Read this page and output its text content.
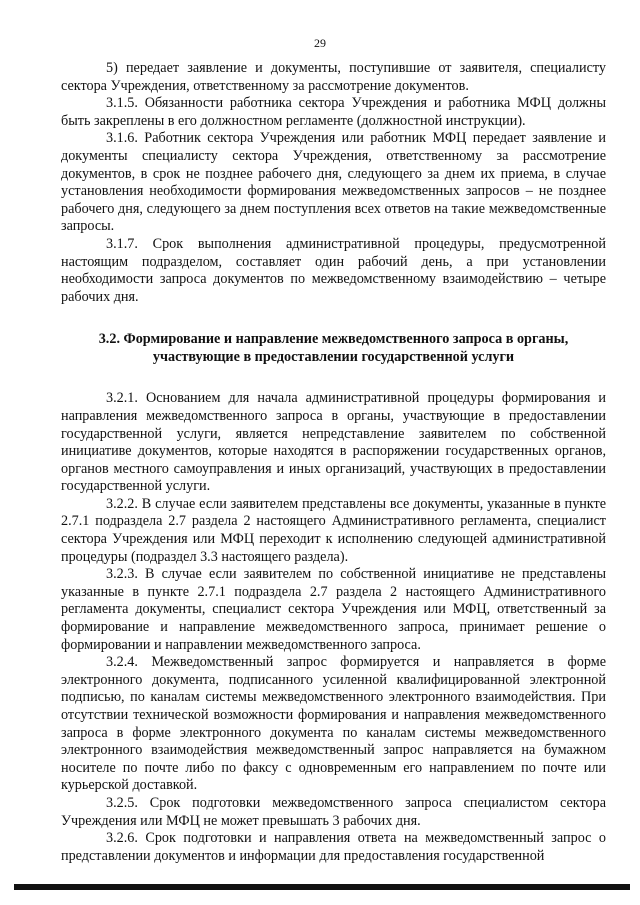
29

5) передает заявление и документы, поступившие от заявителя, специалисту сектора Учреждения, ответственному за рассмотрение документов.

3.1.5. Обязанности работника сектора Учреждения и работника МФЦ должны быть закреплены в его должностном регламенте (должностной инструкции).

3.1.6. Работник сектора Учреждения или работник МФЦ передает заявление и документы специалисту сектора Учреждения, ответственному за рассмотрение документов, в срок не позднее рабочего дня, следующего за днем их приема, в случае установления необходимости формирования межведомственных запросов – не позднее рабочего дня, следующего за днем поступления всех ответов на такие межведомственные запросы.

3.1.7. Срок выполнения административной процедуры, предусмотренной настоящим подразделом, составляет один рабочий день, а при установлении необходимости запроса документов по межведомственному взаимодействию – четыре рабочих дня.

3.2. Формирование и направление межведомственного запроса в органы,
участвующие в предоставлении государственной услуги

3.2.1. Основанием для начала административной процедуры формирования и направления межведомственного запроса в органы, участвующие в предоставлении государственной услуги, является непредставление заявителем по собственной инициативе документов, которые находятся в распоряжении государственных органов, органов местного самоуправления и иных организаций, участвующих в предоставлении государственной услуги.

3.2.2. В случае если заявителем представлены все документы, указанные в пункте 2.7.1 подраздела 2.7 раздела 2 настоящего Административного регламента, специалист сектора Учреждения или МФЦ переходит к исполнению следующей административной процедуры (подраздел 3.3 настоящего раздела).

3.2.3. В случае если заявителем по собственной инициативе не представлены указанные в пункте 2.7.1 подраздела 2.7 раздела 2 настоящего Административного регламента документы, специалист сектора Учреждения или МФЦ, ответственный за формирование и направление межведомственного запроса, принимает решение о формировании и направлении межведомственного запроса.

3.2.4. Межведомственный запрос формируется и направляется в форме электронного документа, подписанного усиленной квалифицированной электронной подписью, по каналам системы межведомственного электронного взаимодействия. При отсутствии технической возможности формирования и направления межведомственного запроса в форме электронного документа по каналам системы межведомственного электронного взаимодействия межведомственный запрос направляется на бумажном носителе по почте либо по факсу с одновременным его направлением по почте или курьерской доставкой.

3.2.5. Срок подготовки межведомственного запроса специалистом сектора Учреждения или МФЦ не может превышать 3 рабочих дня.

3.2.6. Срок подготовки и направления ответа на межведомственный запрос о представлении документов и информации для предоставления государственной
